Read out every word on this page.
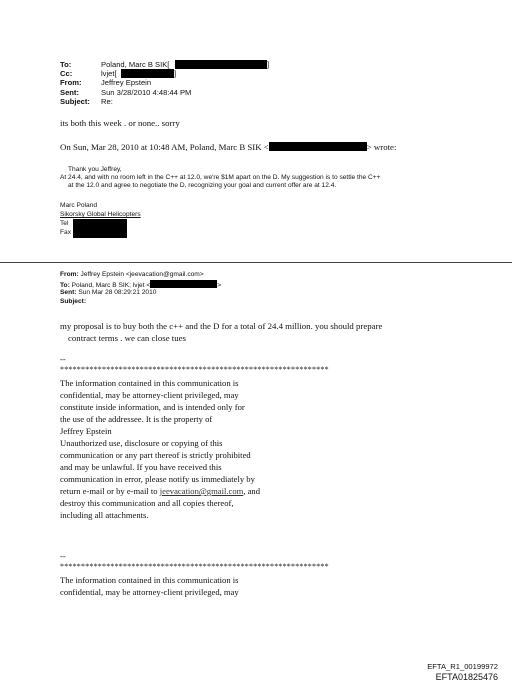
To:	Poland, Marc B SIK[	]
Cc:	lvjet[	]
From:	Jeffrey Epstein
Sent:	Sun 3/28/2010 4:48:44 PM
Subject: Re:
its both this week . or none.. sorry
On Sun, Mar 28, 2010 at 10:48 AM, Poland, Marc B SIK <	> wrote:
Thank you Jeffrey,
At 24.4, and with no room left in the C++ at 12.0, we're $1M apart on the D. My suggestion is to settle the C++
at the 12.0 and agree to negotiate the D, recognizing your goal and current offer are at 12.4.
Marc Poland
Sikorsky Global Helicopters
Tel
Fax
From: Jeffrey Epstein <jeevacation@gmail.com>
To: Poland, Marc B SIK; lvjet <	>
Sent: Sun Mar 28 08:29:21 2010
Subject:
my proposal is to buy both the c++ and the D for a total of 24.4 million. you should prepare
contract terms . we can close tues
--
****************************************************************
The information contained in this communication is
confidential, may be attorney-client privileged, may
constitute inside information, and is intended only for
the use of the addressee. It is the property of
Jeffrey Epstein
Unauthorized use, disclosure or copying of this
communication or any part thereof is strictly prohibited
and may be unlawful. If you have received this
communication in error, please notify us immediately by
return e-mail or by e-mail to jeevacation@gmail.com, and
destroy this communication and all copies thereof,
including all attachments.
--
****************************************************************
The information contained in this communication is
confidential, may be attorney-client privileged, may
EFTA_R1_00199972
EFTA01825476
